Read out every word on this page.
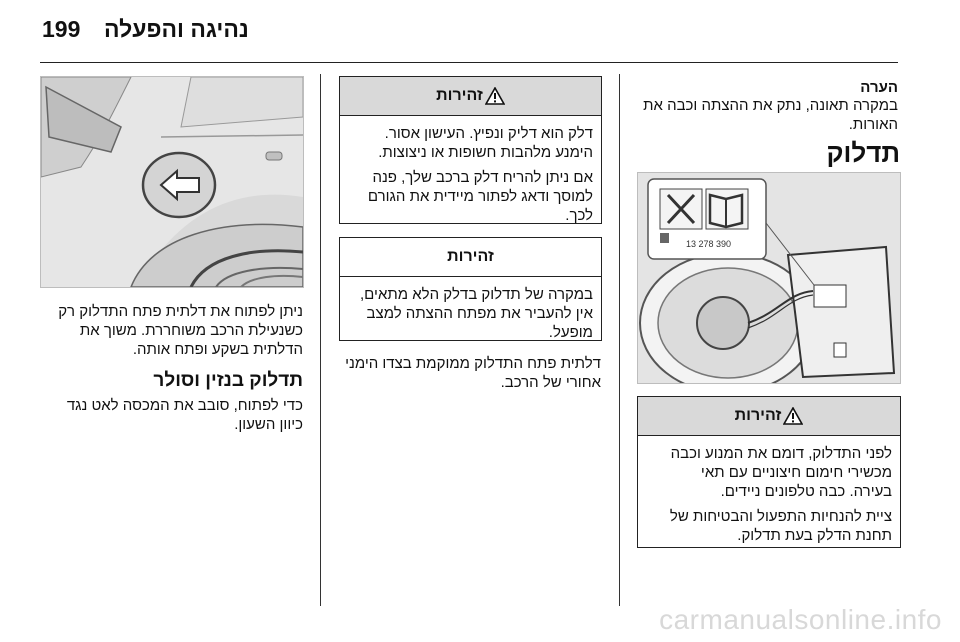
199 נהיגה והפעלה
הערה
במקרה תאונה, נתק את ההצתה וכבה את
האורות.
תדלוק
13 278 390
זהירות
לפני התדלוק, דומם את המנוע וכבה
מכשירי חימום חיצוניים עם תאי
בעירה. כבה טלפונים ניידים.
ציית להנחיות התפעול והבטיחות של
תחנת הדלק בעת תדלוק.
זהירות
דלק הוא דליק ונפיץ. העישון אסור.
הימנע מלהבות חשופות או ניצוצות.
אם ניתן להריח דלק ברכב שלך, פנה
למוסך ודאג לפתור מיידית את הגורם
לכך.
זהירות
במקרה של תדלוק בדלק הלא מתאים,
אין להעביר את מפתח ההצתה למצב
מופעל.
דלתית פתח התדלוק ממוקמת בצדו הימני
אחורי של הרכב.
ניתן לפתוח את דלתית פתח התדלוק רק
כשנעילת הרכב משוחררת. משוך את
הדלתית בשקע ופתח אותה.
תדלוק בנזין וסולר
כדי לפתוח, סובב את המכסה לאט נגד
כיוון השעון.
carmanualsonline.info
